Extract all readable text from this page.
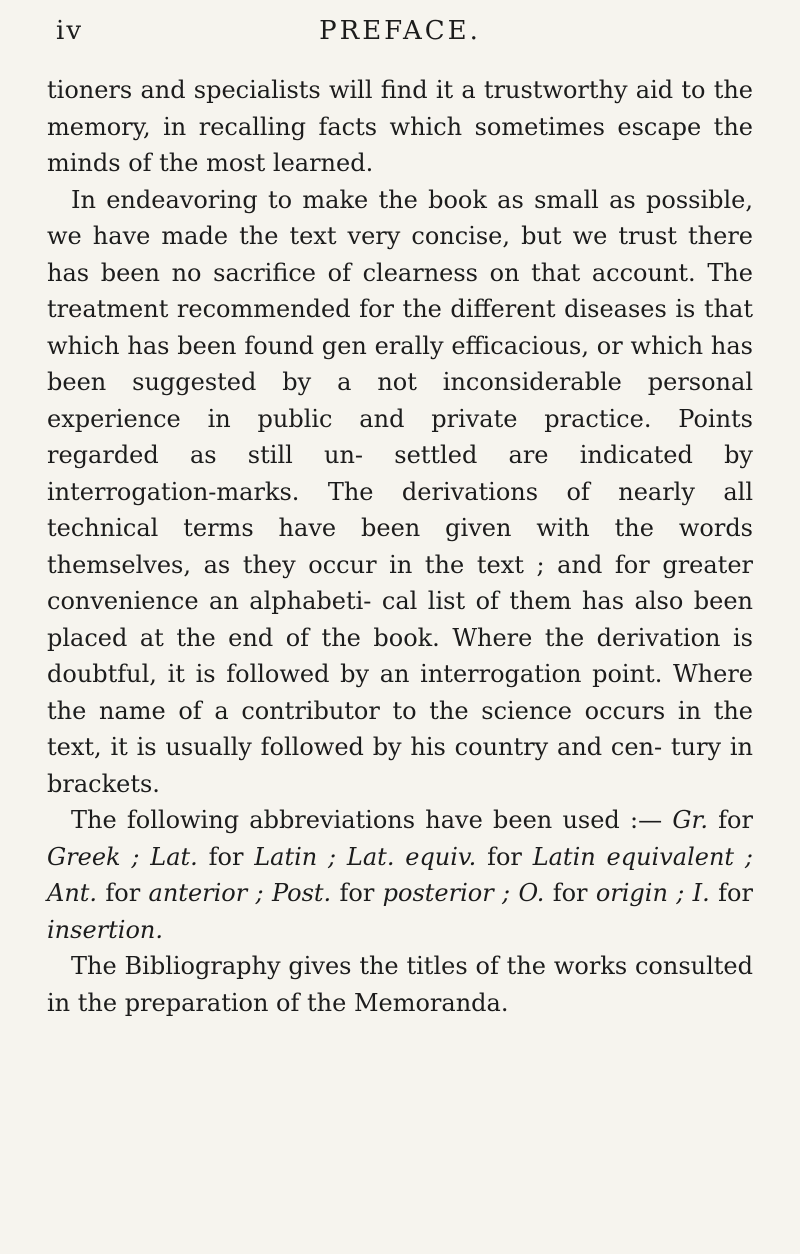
iv	PREFACE.

tioners and specialists will find it a trustworthy aid to the memory, in recalling facts which sometimes escape the minds of the most learned.

In endeavoring to make the book as small as possible, we have made the text very concise, but we trust there has been no sacrifice of clearness on that account. The treatment recommended for the different diseases is that which has been found gen erally efficacious, or which has been suggested by a not inconsiderable personal experience in public and private practice. Points regarded as still un- settled are indicated by interrogation-marks. The derivations of nearly all technical terms have been given with the words themselves, as they occur in the text ; and for greater convenience an alphabeti- cal list of them has also been placed at the end of the book. Where the derivation is doubtful, it is followed by an interrogation point. Where the name of a contributor to the science occurs in the text, it is usually followed by his country and cen- tury in brackets.

The following abbreviations have been used :— Gr. for Greek ; Lat. for Latin ; Lat. equiv. for Latin equivalent ; Ant. for anterior ; Post. for posterior ; O. for origin ; I. for insertion.

The Bibliography gives the titles of the works consulted in the preparation of the Memoranda.
